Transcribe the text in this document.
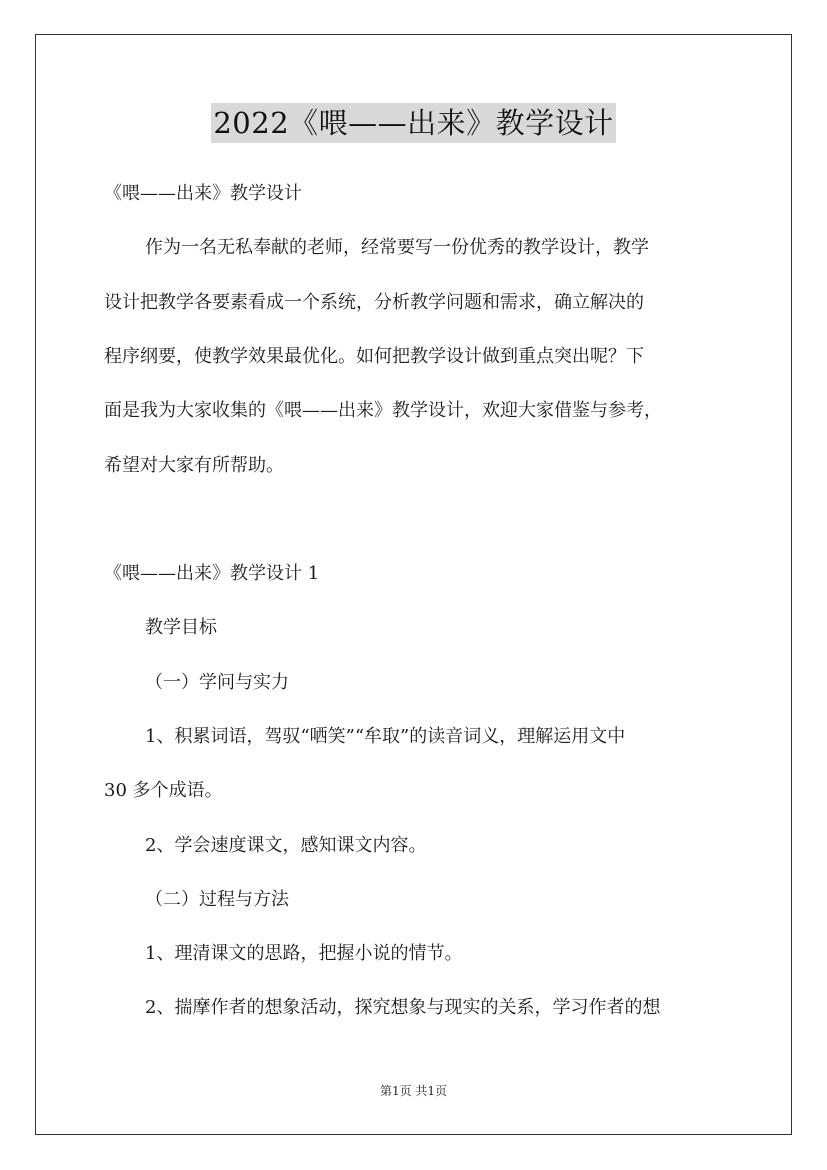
2022《喂——出来》教学设计
《喂——出来》教学设计
作为一名无私奉献的老师，经常要写一份优秀的教学设计，教学
设计把教学各要素看成一个系统，分析教学问题和需求，确立解决的
程序纲要，使教学效果最优化。如何把教学设计做到重点突出呢？下
面是我为大家收集的《喂——出来》教学设计，欢迎大家借鉴与参考，
希望对大家有所帮助。
《喂——出来》教学设计 1
教学目标
（一）学问与实力
1、积累词语，驾驭“哂笑”“牟取”的读音词义，理解运用文中
30 多个成语。
2、学会速度课文，感知课文内容。
（二）过程与方法
1、理清课文的思路，把握小说的情节。
2、揣摩作者的想象活动，探究想象与现实的关系，学习作者的想
第1页 共1页
